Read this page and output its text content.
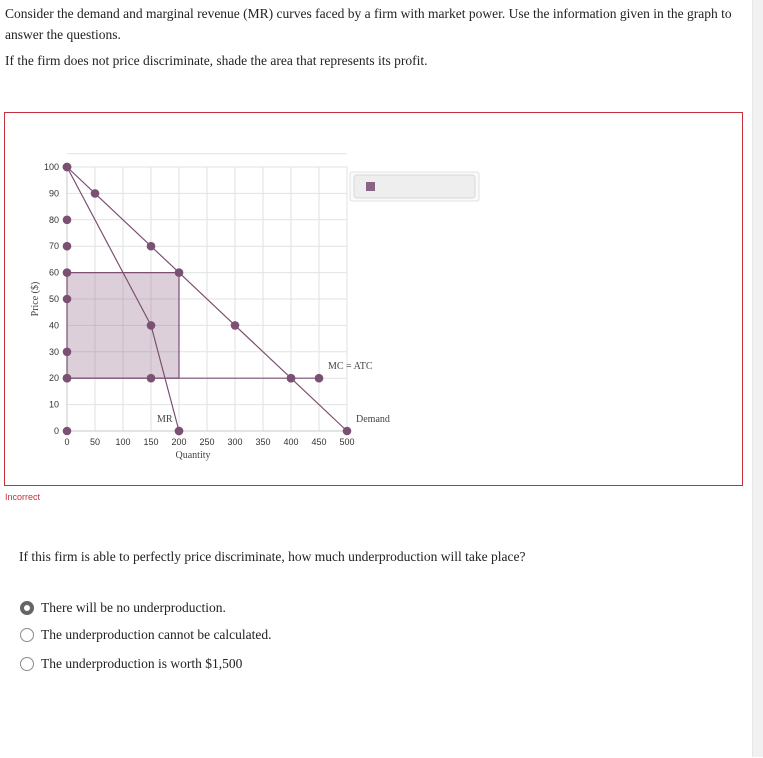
Consider the demand and marginal revenue (MR) curves faced by a firm with market power. Use the information given in the graph to answer the questions.
If the firm does not price discriminate, shade the area that represents its profit.
0 50 100 150 200 250 300 350 400 450 500
0
10
20
30
40
50
60
70
80
90
100
Quantity
Price ($)
Demand
MR
MC = ATC
Incorrect
If this firm is able to perfectly price discriminate, how much underproduction will take place?
There will be no underproduction.
The underproduction cannot be calculated.
The underproduction is worth $1,500
